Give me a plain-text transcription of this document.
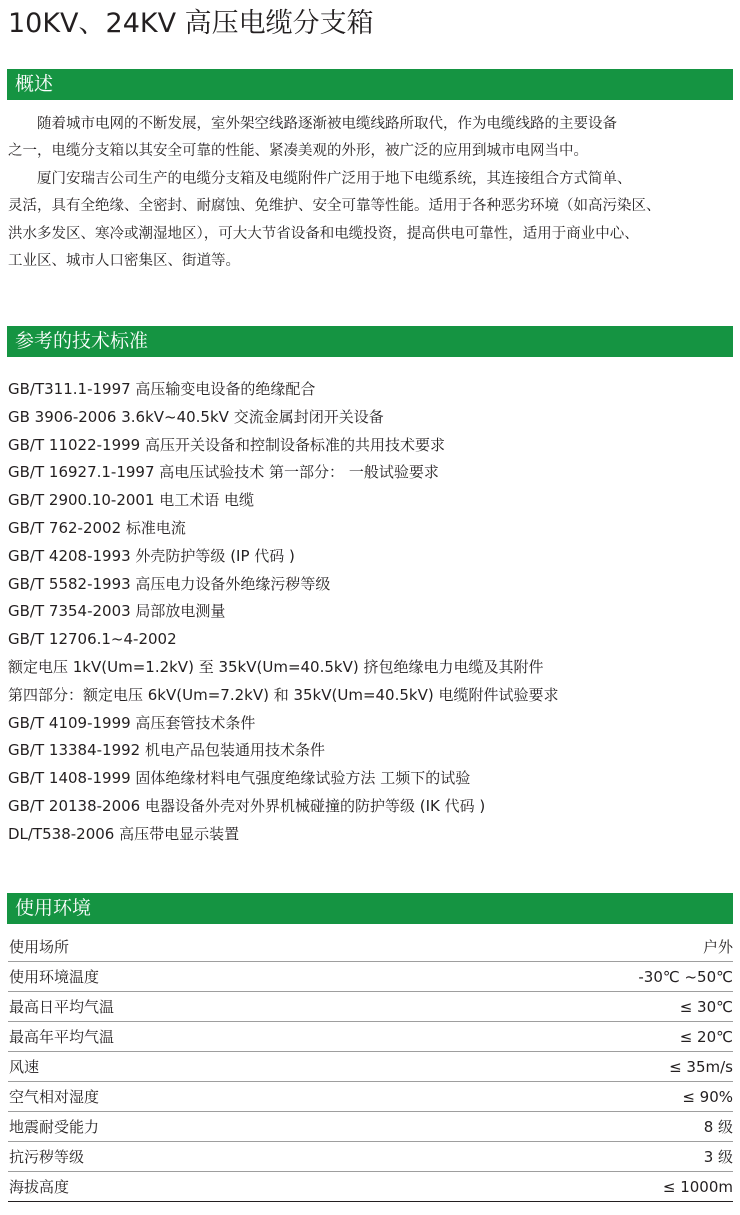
10KV、24KV 高压电缆分支箱
概述
　　随着城市电网的不断发展，室外架空线路逐渐被电缆线路所取代，作为电缆线路的主要设备
之一，电缆分支箱以其安全可靠的性能、紧凑美观的外形，被广泛的应用到城市电网当中。
　　厦门安瑞吉公司生产的电缆分支箱及电缆附件广泛用于地下电缆系统，其连接组合方式简单、
灵活，具有全绝缘、全密封、耐腐蚀、免维护、安全可靠等性能。适用于各种恶劣环境（如高污染区、
洪水多发区、寒冷或潮湿地区），可大大节省设备和电缆投资，提高供电可靠性，适用于商业中心、
工业区、城市人口密集区、街道等。
参考的技术标准
GB/T311.1-1997 高压输变电设备的绝缘配合
GB 3906-2006 3.6kV~40.5kV 交流金属封闭开关设备
GB/T 11022-1999 高压开关设备和控制设备标准的共用技术要求
GB/T 16927.1-1997 高电压试验技术 第一部分： 一般试验要求
GB/T 2900.10-2001 电工术语 电缆
GB/T 762-2002 标准电流
GB/T 4208-1993 外壳防护等级 (IP 代码 )
GB/T 5582-1993 高压电力设备外绝缘污秽等级
GB/T 7354-2003 局部放电测量
GB/T 12706.1~4-2002
额定电压 1kV(Um=1.2kV) 至 35kV(Um=40.5kV) 挤包绝缘电力电缆及其附件
第四部分：额定电压 6kV(Um=7.2kV) 和 35kV(Um=40.5kV) 电缆附件试验要求
GB/T 4109-1999 高压套管技术条件
GB/T 13384-1992 机电产品包装通用技术条件
GB/T 1408-1999 固体绝缘材料电气强度绝缘试验方法 工频下的试验
GB/T 20138-2006 电器设备外壳对外界机械碰撞的防护等级 (IK 代码 )
DL/T538-2006 高压带电显示装置
使用环境
使用场所	户外
使用环境温度	-30℃ ~50℃
最高日平均气温	≤ 30℃
最高年平均气温	≤ 20℃
风速	≤ 35m/s
空气相对湿度	≤ 90%
地震耐受能力	8 级
抗污秽等级	3 级
海拔高度	≤ 1000m
